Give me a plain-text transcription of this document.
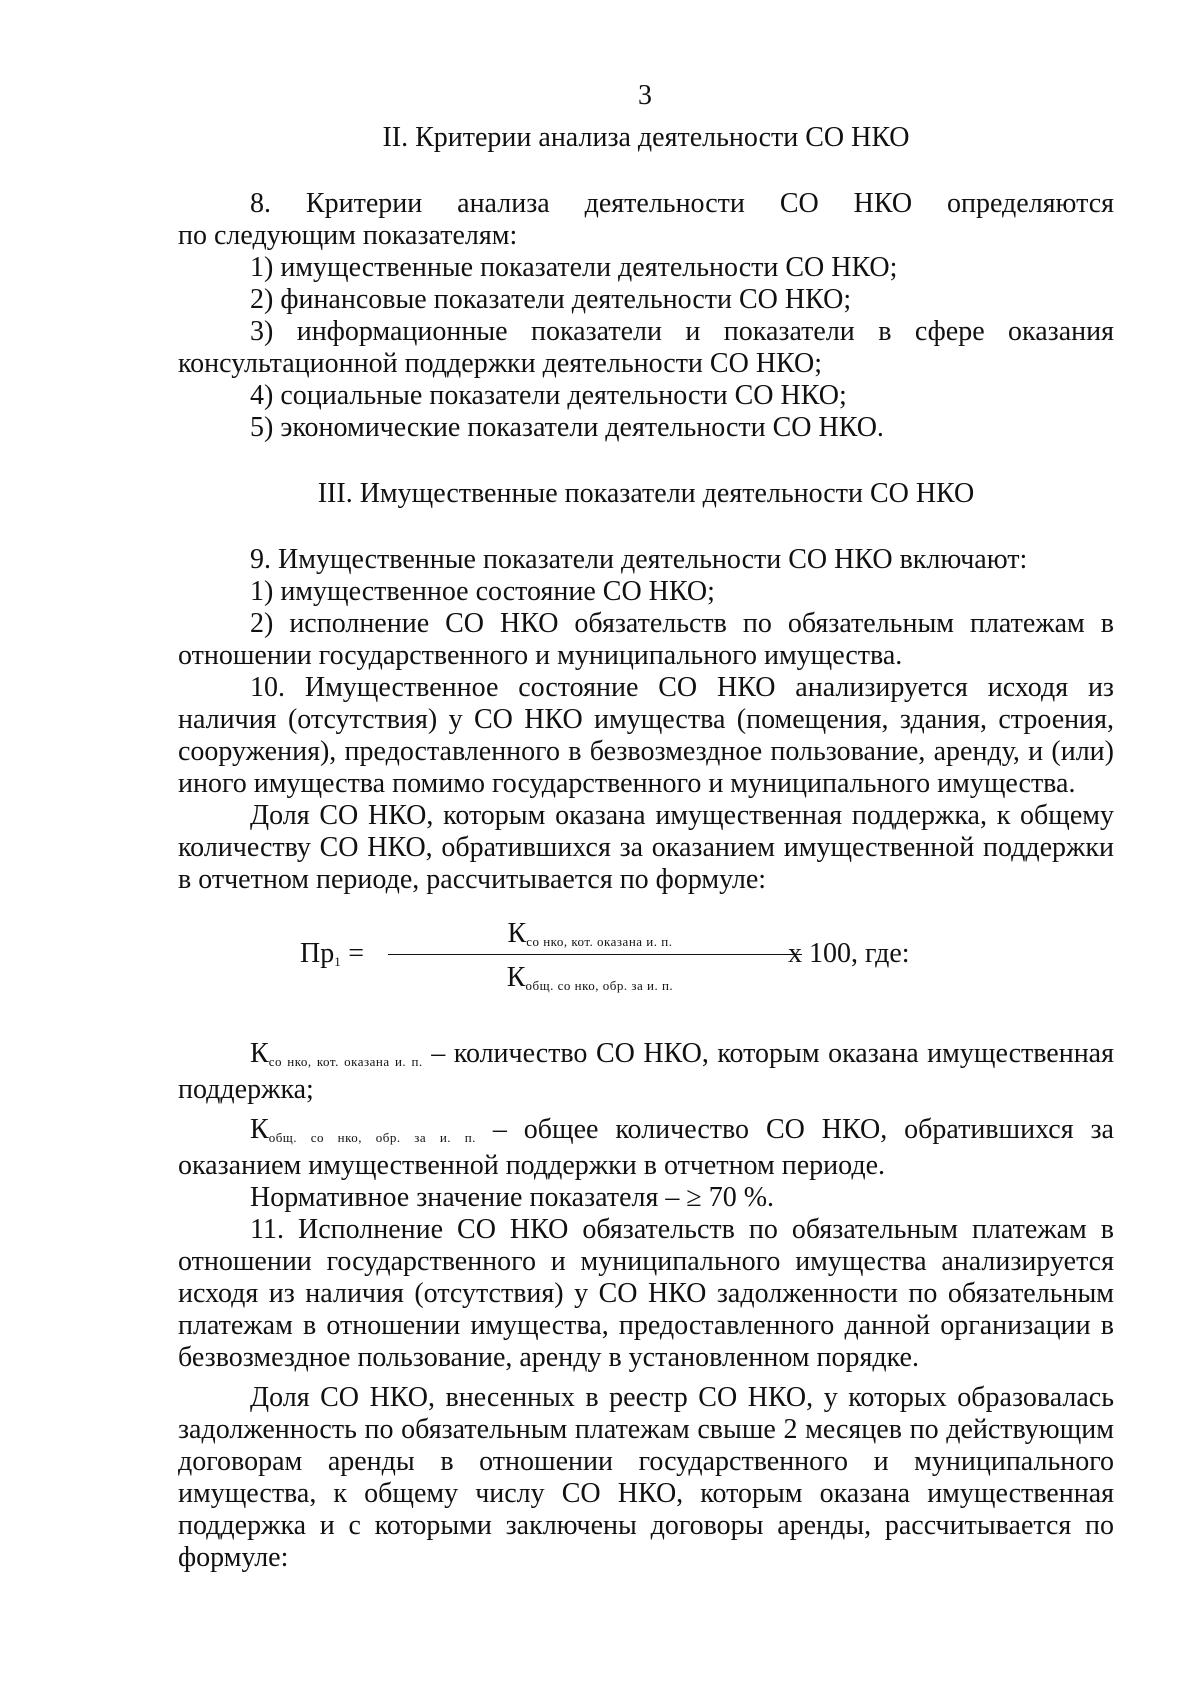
3
II. Критерии анализа деятельности СО НКО

8. Критерии анализа деятельности СО НКО определяются

по следующим показателям:

1) имущественные показатели деятельности СО НКО;

2) финансовые показатели деятельности СО НКО;

3) информационные показатели и показатели в сфере оказания консультационной поддержки деятельности СО НКО;

4) социальные показатели деятельности СО НКО;

5) экономические показатели деятельности СО НКО.

III. Имущественные показатели деятельности СО НКО

9. Имущественные показатели деятельности СО НКО включают:

1) имущественное состояние СО НКО;

2) исполнение СО НКО обязательств по обязательным платежам в отношении государственного и муниципального имущества.

10. Имущественное состояние СО НКО анализируется исходя из наличия (отсутствия) у СО НКО имущества (помещения, здания, строения, сооружения), предоставленного в безвозмездное пользование, аренду, и (или) иного имущества помимо государственного и муниципального имущества.

Доля СО НКО, которым оказана имущественная поддержка, к общему количеству СО НКО, обратившихся за оказанием имущественной поддержки в отчетном периоде, рассчитывается по формуле:

$Пр_1$ =
$К_{со нко, кот. оказана и. п.}$
$К_{общ. со нко, обр. за и. п.}$
x 100, где:

$К_{со нко, кот. оказана и. п.}$ – количество СО НКО, которым оказана имущественная поддержка;

$К_{общ. со нко, обр. за и. п.}$ – общее количество СО НКО, обратившихся за оказанием имущественной поддержки в отчетном периоде.

Нормативное значение показателя – ≥ 70 %.

11. Исполнение СО НКО обязательств по обязательным платежам в отношении государственного и муниципального имущества анализируется исходя из наличия (отсутствия) у СО НКО задолженности по обязательным платежам в отношении имущества, предоставленного данной организации в безвозмездное пользование, аренду в установленном порядке.

Доля СО НКО, внесенных в реестр СО НКО, у которых образовалась задолженность по обязательным платежам свыше 2 месяцев по действующим договорам аренды в отношении государственного и муниципального имущества, к общему числу СО НКО, которым оказана имущественная поддержка и с которыми заключены договоры аренды, рассчитывается по формуле:
